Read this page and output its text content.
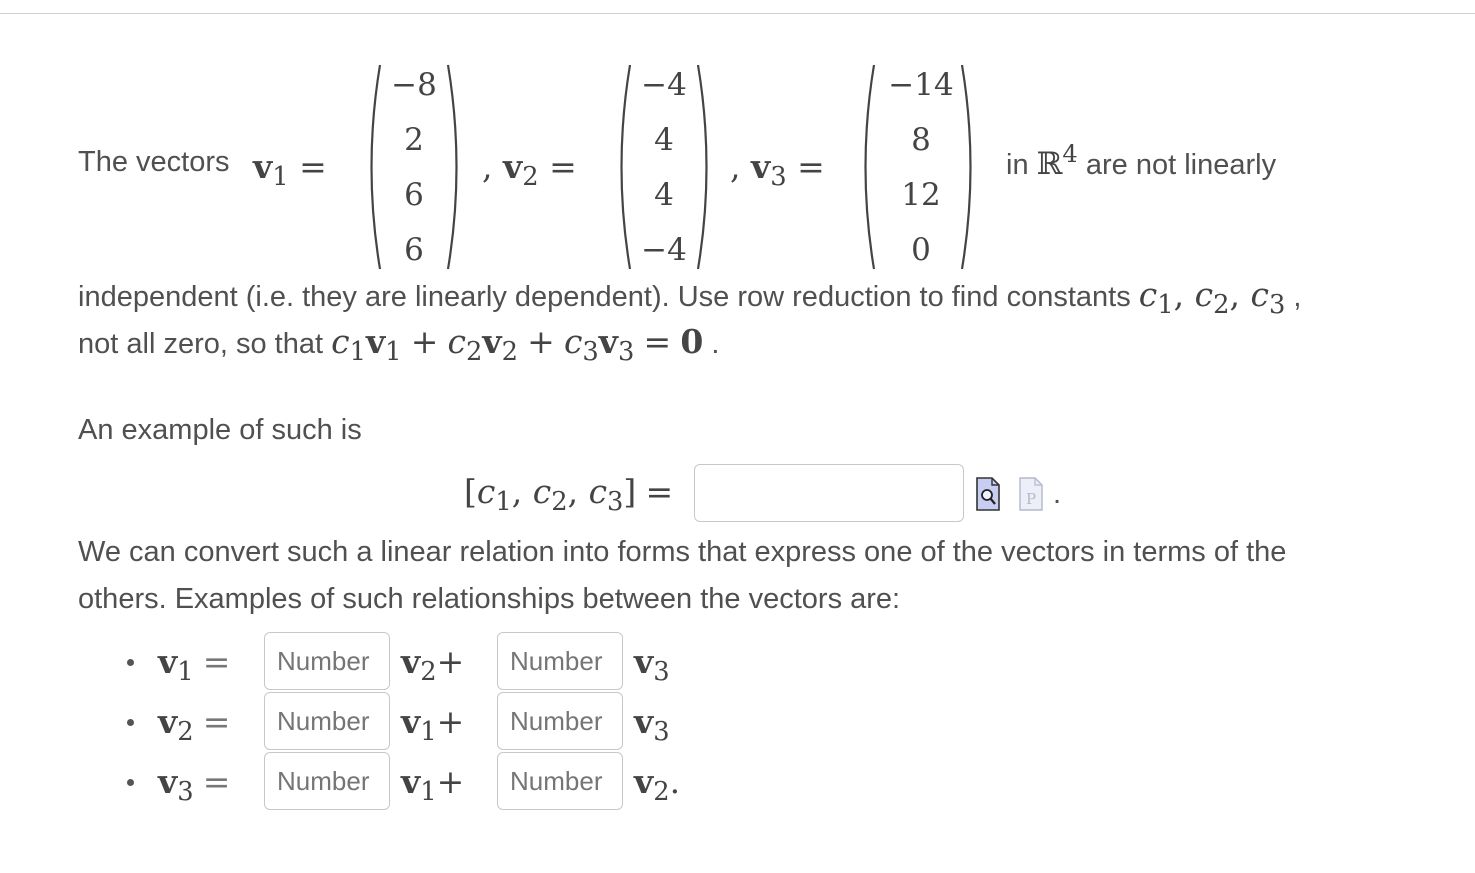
The vectors $v_1$ =
−8
2
6
6
, $v_2$ =
−4
4
4
−4
, $v_3$ =
−14
8
12
0
in ℝ$^4$ are not linearly
independent (i.e. they are linearly dependent). Use row reduction to find constants $c_1$, $c_2$, $c_3$ ,
not all zero, so that $c_1v_1 + c_2v_2 + c_3v_3 = 0$ .
An example of such is
[$c_1$, $c_2$, $c_3$] =	P .
We can convert such a linear relation into forms that express one of the vectors in terms of the
others. Examples of such relationships between the vectors are:
$v_1$ =
Number	$v_2+$
Number	$v_3$
$v_2$ =
Number	$v_1+$
Number	$v_3$
$v_3$ =
Number	$v_1+$
Number	$v_2$.
